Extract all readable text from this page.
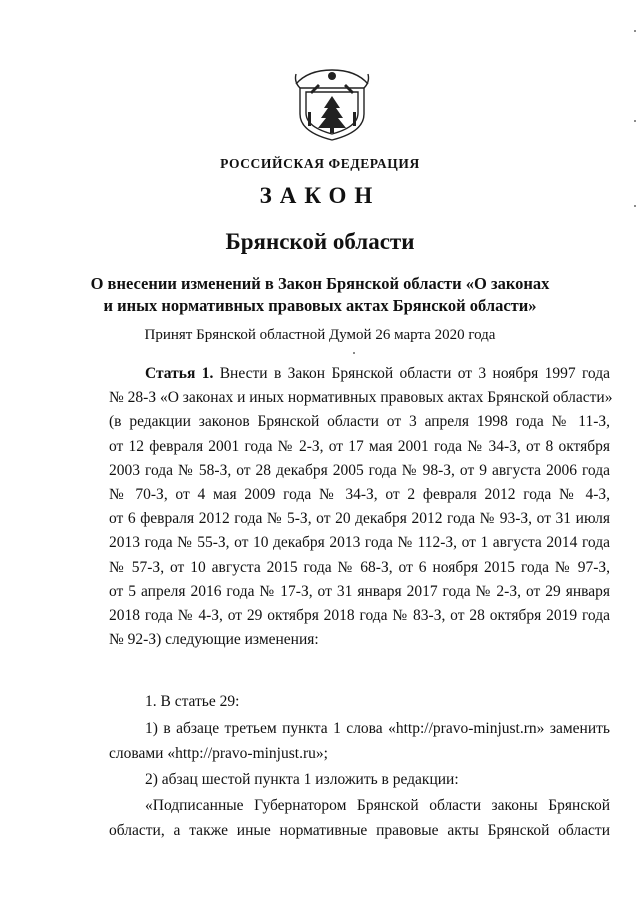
РОССИЙСКАЯ ФЕДЕРАЦИЯ
ЗАКОН
Брянской области
О внесении изменений в Закон Брянской области «О законах
и иных нормативных правовых актах Брянской области»
Принят Брянской областной Думой 26 марта 2020 года
Статья 1. Внести в Закон Брянской области от 3 ноября 1997 года
№ 28-З «О законах и иных нормативных правовых актах Брянской области»
(в редакции законов Брянской области от 3 апреля 1998 года № 11-З,
от 12 февраля 2001 года № 2-З, от 17 мая 2001 года № 34-З, от 8 октября
2003 года № 58-З, от 28 декабря 2005 года № 98-З, от 9 августа 2006 года
№ 70-З, от 4 мая 2009 года № 34-З, от 2 февраля 2012 года № 4-З,
от 6 февраля 2012 года № 5-З, от 20 декабря 2012 года № 93-З, от 31 июля
2013 года № 55-З, от 10 декабря 2013 года № 112-З, от 1 августа 2014 года
№ 57-З, от 10 августа 2015 года № 68-З, от 6 ноября 2015 года № 97-З,
от 5 апреля 2016 года № 17-З, от 31 января 2017 года № 2-З, от 29 января
2018 года № 4-З, от 29 октября 2018 года № 83-З, от 28 октября 2019 года
№ 92-З) следующие изменения:
1. В статье 29:
1) в абзаце третьем пункта 1 слова «http://pravo-minjust.rn» заменить
словами «http://pravo-minjust.ru»;
2) абзац шестой пункта 1 изложить в редакции:
«Подписанные Губернатором Брянской области законы Брянской
области, а также иные нормативные правовые акты Брянской области
